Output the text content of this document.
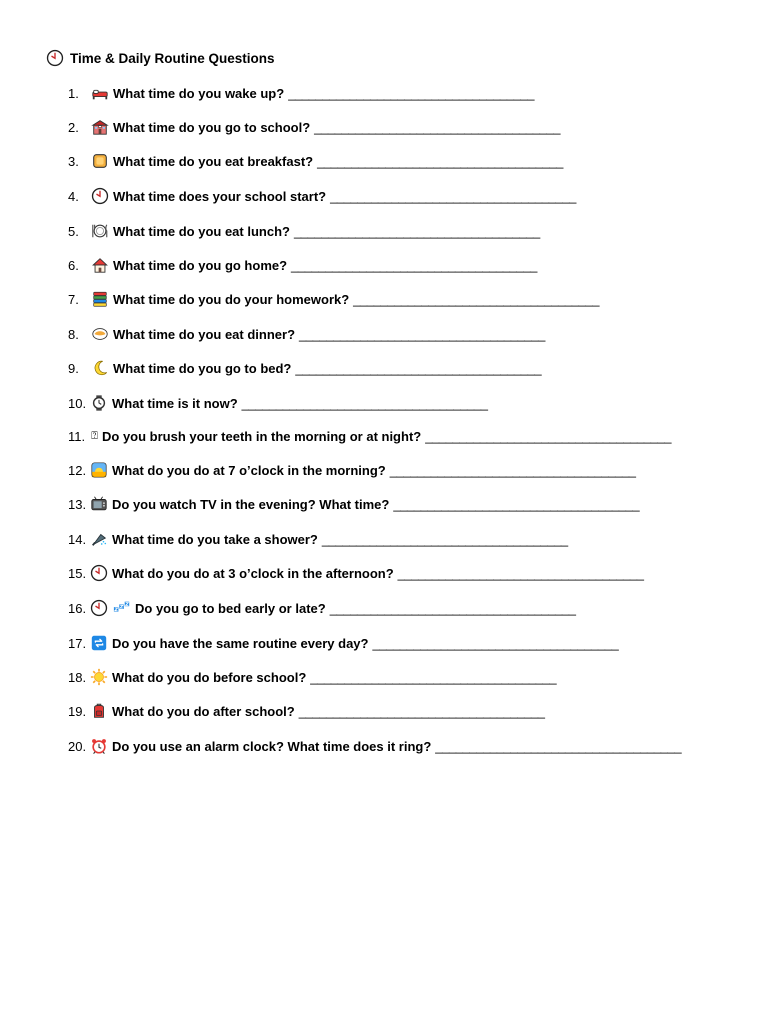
Time & Daily Routine Questions
1.	What time do you wake up? ____________________________________
2.	What time do you go to school? ____________________________________
3.	What time do you eat breakfast? ____________________________________
4.	What time does your school start? ____________________________________
5.	What time do you eat lunch? ____________________________________
6.	What time do you go home? ____________________________________
7.	What time do you do your homework? ____________________________________
8.	What time do you eat dinner? ____________________________________
9.	What time do you go to bed? ____________________________________
10. What time is it now? ____________________________________
11. ⍰ Do you brush your teeth in the morning or at night? ____________________________________
12. What do you do at 7 o’clock in the morning? ____________________________________
13. Do you watch TV in the evening? What time? ____________________________________
14. What time do you take a shower? ____________________________________
15. What do you do at 3 o’clock in the afternoon? ____________________________________
16.	Do you go to bed early or late? ____________________________________
17. Do you have the same routine every day? ____________________________________
18. What do you do before school? ____________________________________
19. What do you do after school? ____________________________________
20. Do you use an alarm clock? What time does it ring? ____________________________________
